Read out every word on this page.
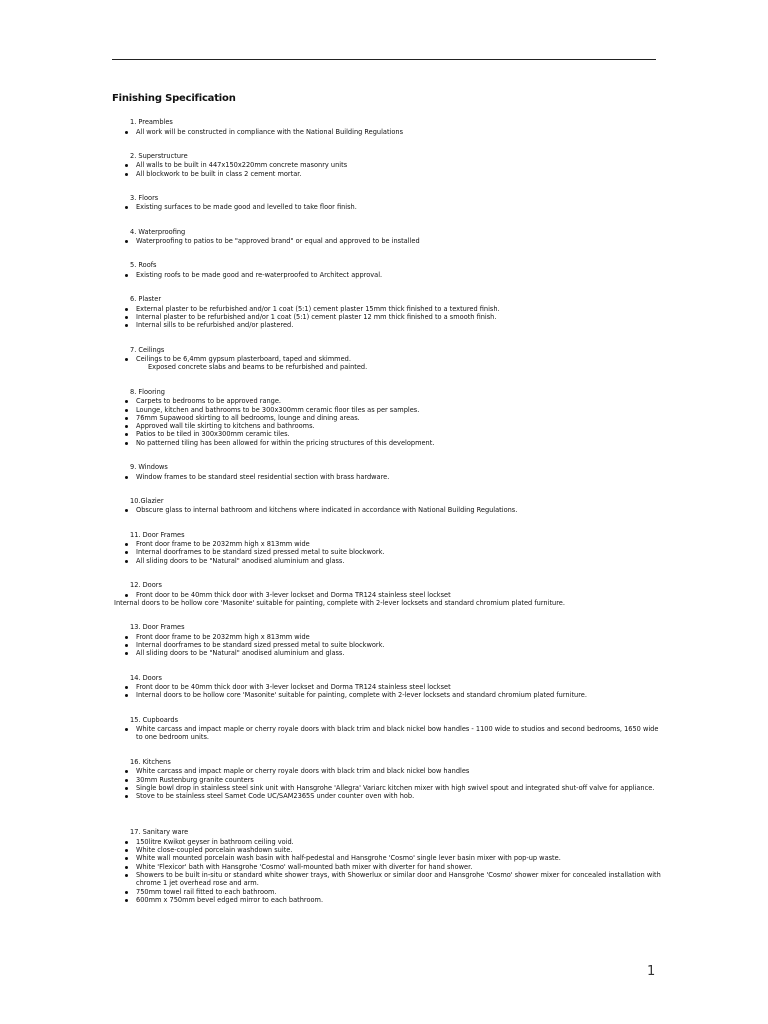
Finishing Specification
1. Preambles
All work will be constructed in compliance with the National Building Regulations
2. Superstructure
All walls to be built in 447x150x220mm concrete masonry units
All blockwork to be built in class 2 cement mortar.
3. Floors
Existing surfaces to be made good and levelled to take floor finish.
4. Waterproofing
Waterproofing to patios to be "approved brand" or equal and approved to be installed
5. Roofs
Existing roofs to be made good and re-waterproofed to Architect approval.
6. Plaster
External plaster to be refurbished and/or 1 coat (5:1) cement plaster 15mm thick finished to a textured finish.
Internal plaster to be refurbished and/or 1 coat (5:1) cement plaster 12 mm thick finished to a smooth finish.
Internal sills to be refurbished and/or plastered.
7. Ceilings
Ceilings to be 6,4mm gypsum plasterboard, taped and skimmed.
Exposed concrete slabs and beams to be refurbished and painted.
8. Flooring
Carpets to bedrooms to be approved range.
Lounge, kitchen and bathrooms to be 300x300mm ceramic floor tiles as per samples.
76mm Supawood skirting to all bedrooms, lounge and dining areas.
Approved wall tile skirting to kitchens and bathrooms.
Patios to be tiled in 300x300mm ceramic tiles.
No patterned tiling has been allowed for within the pricing structures of this development.
9. Windows
Window frames to be standard steel residential section with brass hardware.
10.Glazier
Obscure glass to internal bathroom and kitchens where indicated in accordance with National Building Regulations.
11. Door Frames
Front door frame to be 2032mm high x 813mm wide
Internal doorframes to be standard sized pressed metal to suite blockwork.
All sliding doors to be "Natural" anodised aluminium and glass.
12. Doors
Front door to be 40mm thick door with 3-lever lockset and Dorma TR124 stainless steel lockset
Internal doors to be hollow core 'Masonite' suitable for painting, complete with 2-lever locksets and standard chromium plated furniture.
13. Door Frames
Front door frame to be 2032mm high x 813mm wide
Internal doorframes to be standard sized pressed metal to suite blockwork.
All sliding doors to be "Natural" anodised aluminium and glass.
14. Doors
Front door to be 40mm thick door with 3-lever lockset and Dorma TR124 stainless steel lockset
Internal doors to be hollow core 'Masonite' suitable for painting, complete with 2-lever locksets and standard chromium plated furniture.
15. Cupboards
White carcass and impact maple or cherry royale doors with black trim and black nickel bow handles - 1100 wide to studios and second bedrooms, 1650 wide to one bedroom units.
16. Kitchens
White carcass and impact maple or cherry royale doors with black trim and black nickel bow handles
30mm Rustenburg granite counters
Single bowl drop in stainless steel sink unit with Hansgrohe 'Allegra' Variarc kitchen mixer with high swivel spout and integrated shut-off valve for appliance.
Stove to be stainless steel Samet Code UC/SAM2365S under counter oven with hob.
17. Sanitary ware
150litre Kwikot geyser in bathroom ceiling void.
White close-coupled porcelain washdown suite.
White wall mounted porcelain wash basin with half-pedestal and Hansgrohe 'Cosmo' single lever basin mixer with pop-up waste.
White 'Flexicor' bath with Hansgrohe 'Cosmo' wall-mounted bath mixer with diverter for hand shower.
Showers to be built in-situ or standard white shower trays, with Showerlux or similar door and Hansgrohe 'Cosmo' shower mixer for concealed installation with chrome 1 jet overhead rose and arm.
750mm towel rail fitted to each bathroom.
600mm x 750mm bevel edged mirror to each bathroom.
1
